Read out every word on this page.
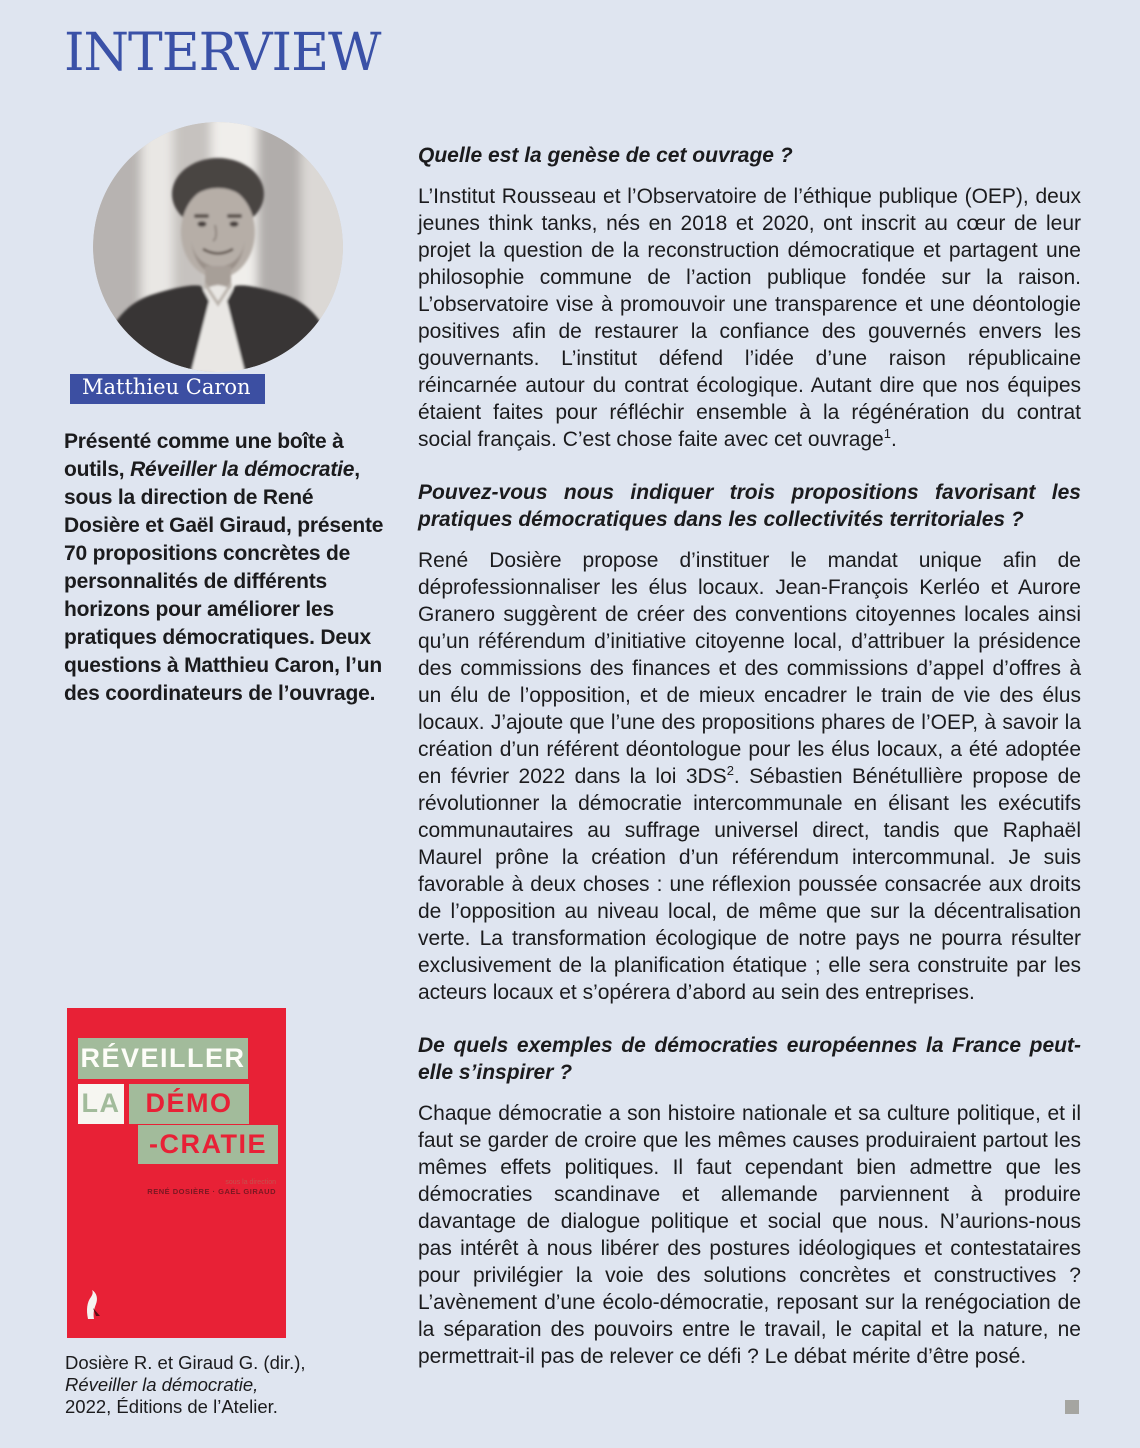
INTERVIEW
Matthieu Caron

Présenté comme une boîte à outils, Réveiller la démocratie, sous la direction de René Dosière et Gaël Giraud, présente 70 propositions concrètes de personnalités de différents horizons pour améliorer les pratiques démocratiques. Deux questions à Matthieu Caron, l’un des coordinateurs de l’ouvrage.

RÉVEILLER
LA DÉMO
-CRATIE
sous la direction
RENÉ DOSIÈRE · GAËL GIRAUD

Dosière R. et Giraud G. (dir.),
Réveiller la démocratie,
2022, Éditions de l’Atelier.

Quelle est la genèse de cet ouvrage ?

L’Institut Rousseau et l’Observatoire de l’éthique publique (OEP), deux jeunes think tanks, nés en 2018 et 2020, ont inscrit au cœur de leur projet la question de la reconstruction démocratique et partagent une philosophie commune de l’action publique fondée sur la raison. L’observatoire vise à promouvoir une transparence et une déontologie positives afin de restaurer la confiance des gouvernés envers les gouvernants. L’institut défend l’idée d’une raison républicaine réincarnée autour du contrat écologique. Autant dire que nos équipes étaient faites pour réfléchir ensemble à la régénération du contrat social français. C’est chose faite avec cet ouvrage$^1$.

Pouvez-vous nous indiquer trois propositions favorisant les pratiques démocratiques dans les collectivités territoriales ?

René Dosière propose d’instituer le mandat unique afin de déprofessionnaliser les élus locaux. Jean-François Kerléo et Aurore Granero suggèrent de créer des conventions citoyennes locales ainsi qu’un référendum d’initiative citoyenne local, d’attribuer la présidence des commissions des finances et des commissions d’appel d’offres à un élu de l’opposition, et de mieux encadrer le train de vie des élus locaux. J’ajoute que l’une des propositions phares de l’OEP, à savoir la création d’un référent déontologue pour les élus locaux, a été adoptée en février 2022 dans la loi $3DS^2$. Sébastien Bénétullière propose de révolutionner la démocratie intercommunale en élisant les exécutifs communautaires au suffrage universel direct, tandis que Raphaël Maurel prône la création d’un référendum intercommunal. Je suis favorable à deux choses : une réflexion poussée consacrée aux droits de l’opposition au niveau local, de même que sur la décentralisation verte. La transformation écologique de notre pays ne pourra résulter exclusivement de la planification étatique ; elle sera construite par les acteurs locaux et s’opérera d’abord au sein des entreprises.

De quels exemples de démocraties européennes la France peut-elle s’inspirer ?

Chaque démocratie a son histoire nationale et sa culture politique, et il faut se garder de croire que les mêmes causes produiraient partout les mêmes effets politiques. Il faut cependant bien admettre que les démocraties scandinave et allemande parviennent à produire davantage de dialogue politique et social que nous. N’aurions-nous pas intérêt à nous libérer des postures idéologiques et contestataires pour privilégier la voie des solutions concrètes et constructives ? L’avènement d’une écolo-démocratie, reposant sur la renégociation de la séparation des pouvoirs entre le travail, le capital et la nature, ne permettrait-il pas de relever ce défi ? Le débat mérite d’être posé.
